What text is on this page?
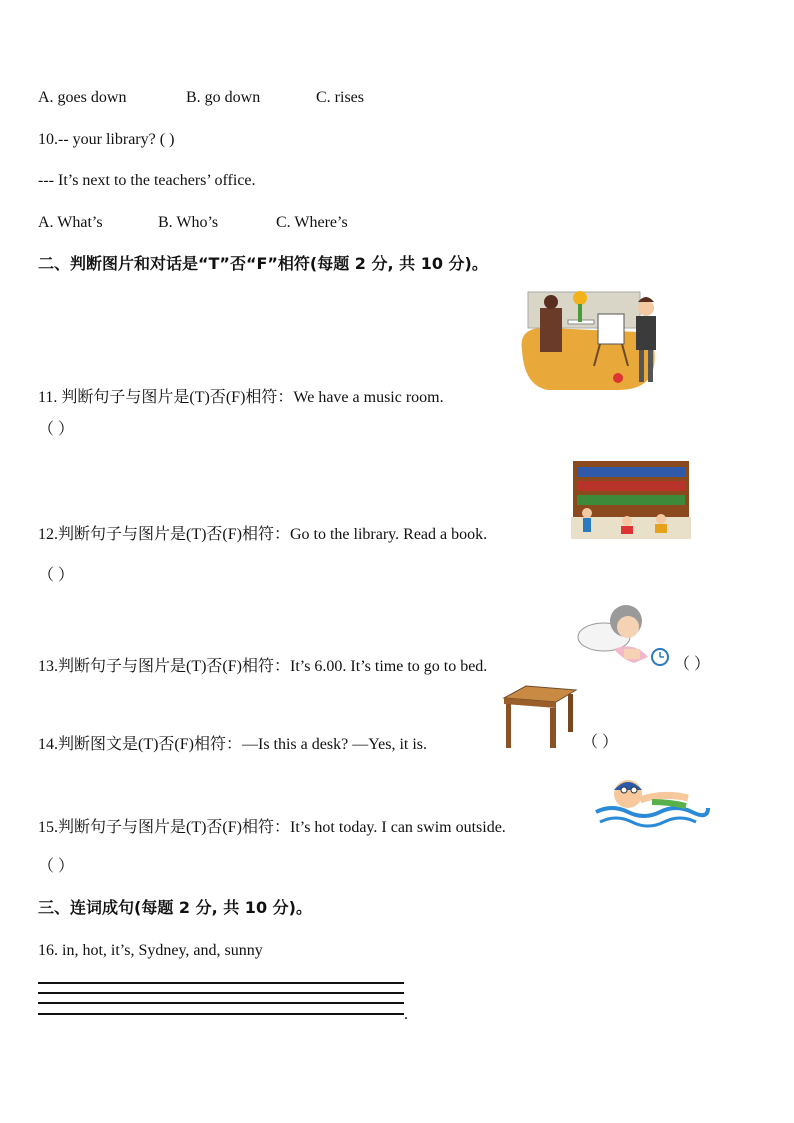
A. goes down	B. go down	C. rises
10.-- your library? ( )
--- It’s next to the teachers’ office.
A. What’s	B. Who’s	C. Where’s
二、判断图片和对话是“T”否“F”相符(每题 2 分, 共 10 分)。
11. 判断句子与图片是(T)否(F)相符：We have a music room.
（ ）
12.判断句子与图片是(T)否(F)相符：Go to the library. Read a book.
（ ）
13.判断句子与图片是(T)否(F)相符：It’s 6.00. It’s time to go to bed.	（ ）
14.判断图文是(T)否(F)相符：—Is this a desk? —Yes, it is.	（ ）
15.判断句子与图片是(T)否(F)相符：It’s hot today. I can swim outside.
（ ）
三、连词成句(每题 2 分, 共 10 分)。
16. in, hot, it’s, Sydney, and, sunny
.
